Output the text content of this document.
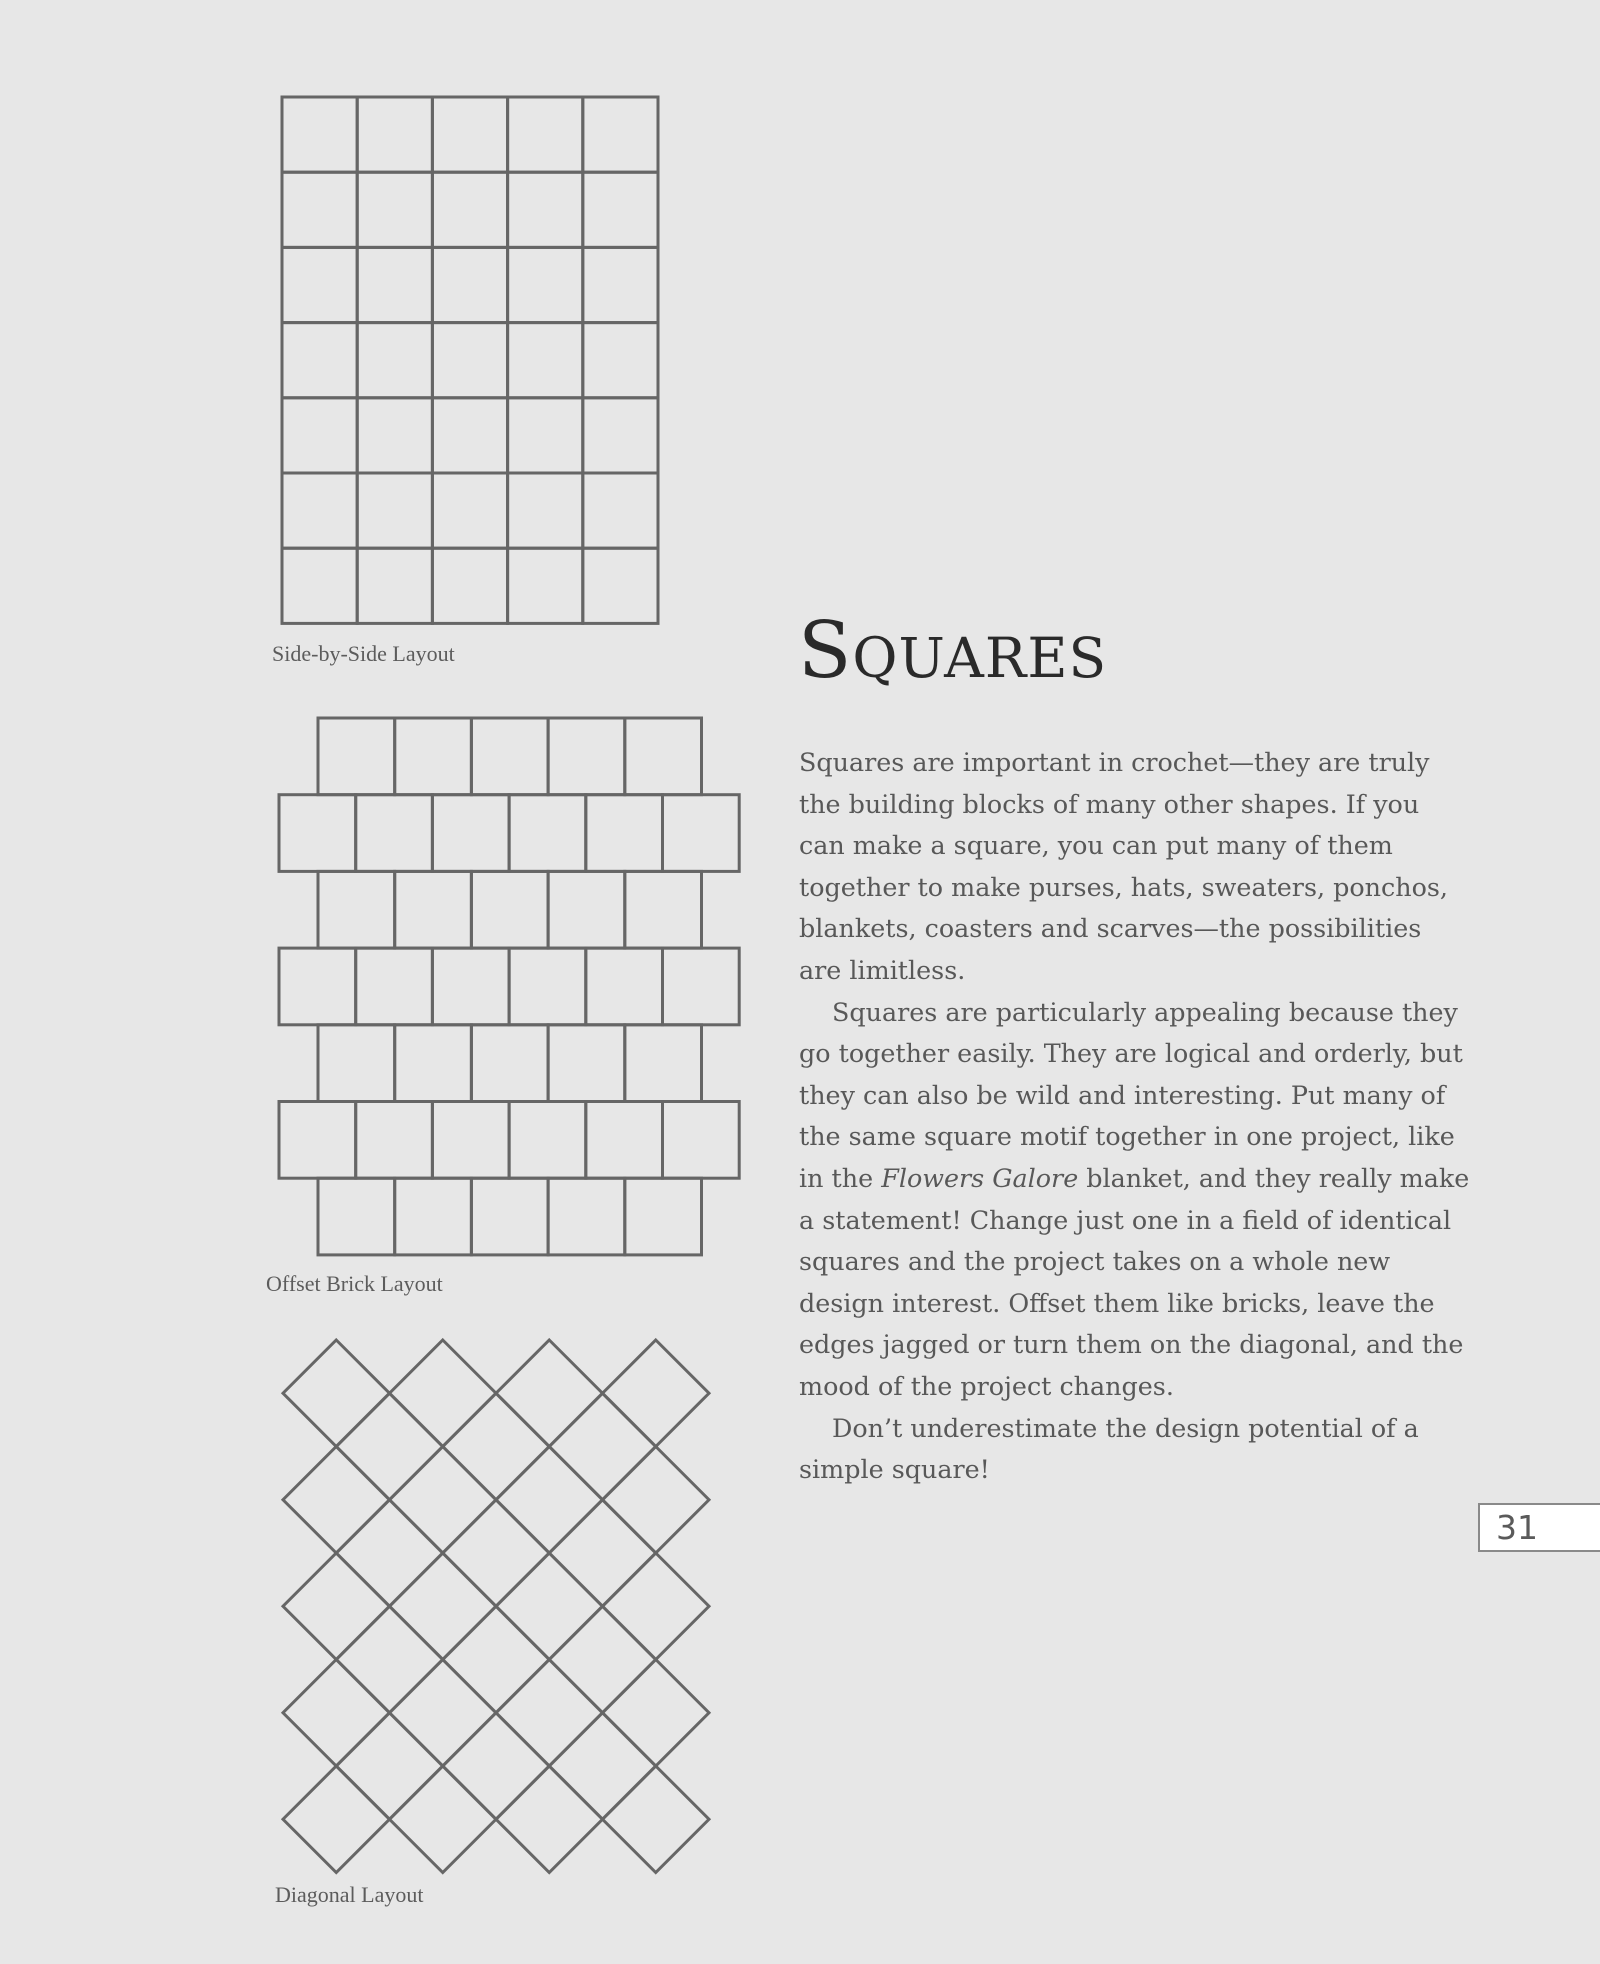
Side-by-Side Layout
Offset Brick Layout
Diagonal Layout
Squares

Squares are important in crochet—they are truly the building blocks of many other shapes. If you can make a square, you can put many of them together to make purses, hats, sweaters, ponchos, blankets, coasters and scarves—the possibilities are limitless.

Squares are particularly appealing because they go together easily. They are logical and orderly, but they can also be wild and interesting. Put many of the same square motif together in one project, like in the Flowers Galore blanket, and they really make a statement! Change just one in a field of identical squares and the project takes on a whole new design interest. Offset them like bricks, leave the edges jagged or turn them on the diagonal, and the mood of the project changes.

Don’t underestimate the design potential of a simple square!

31
